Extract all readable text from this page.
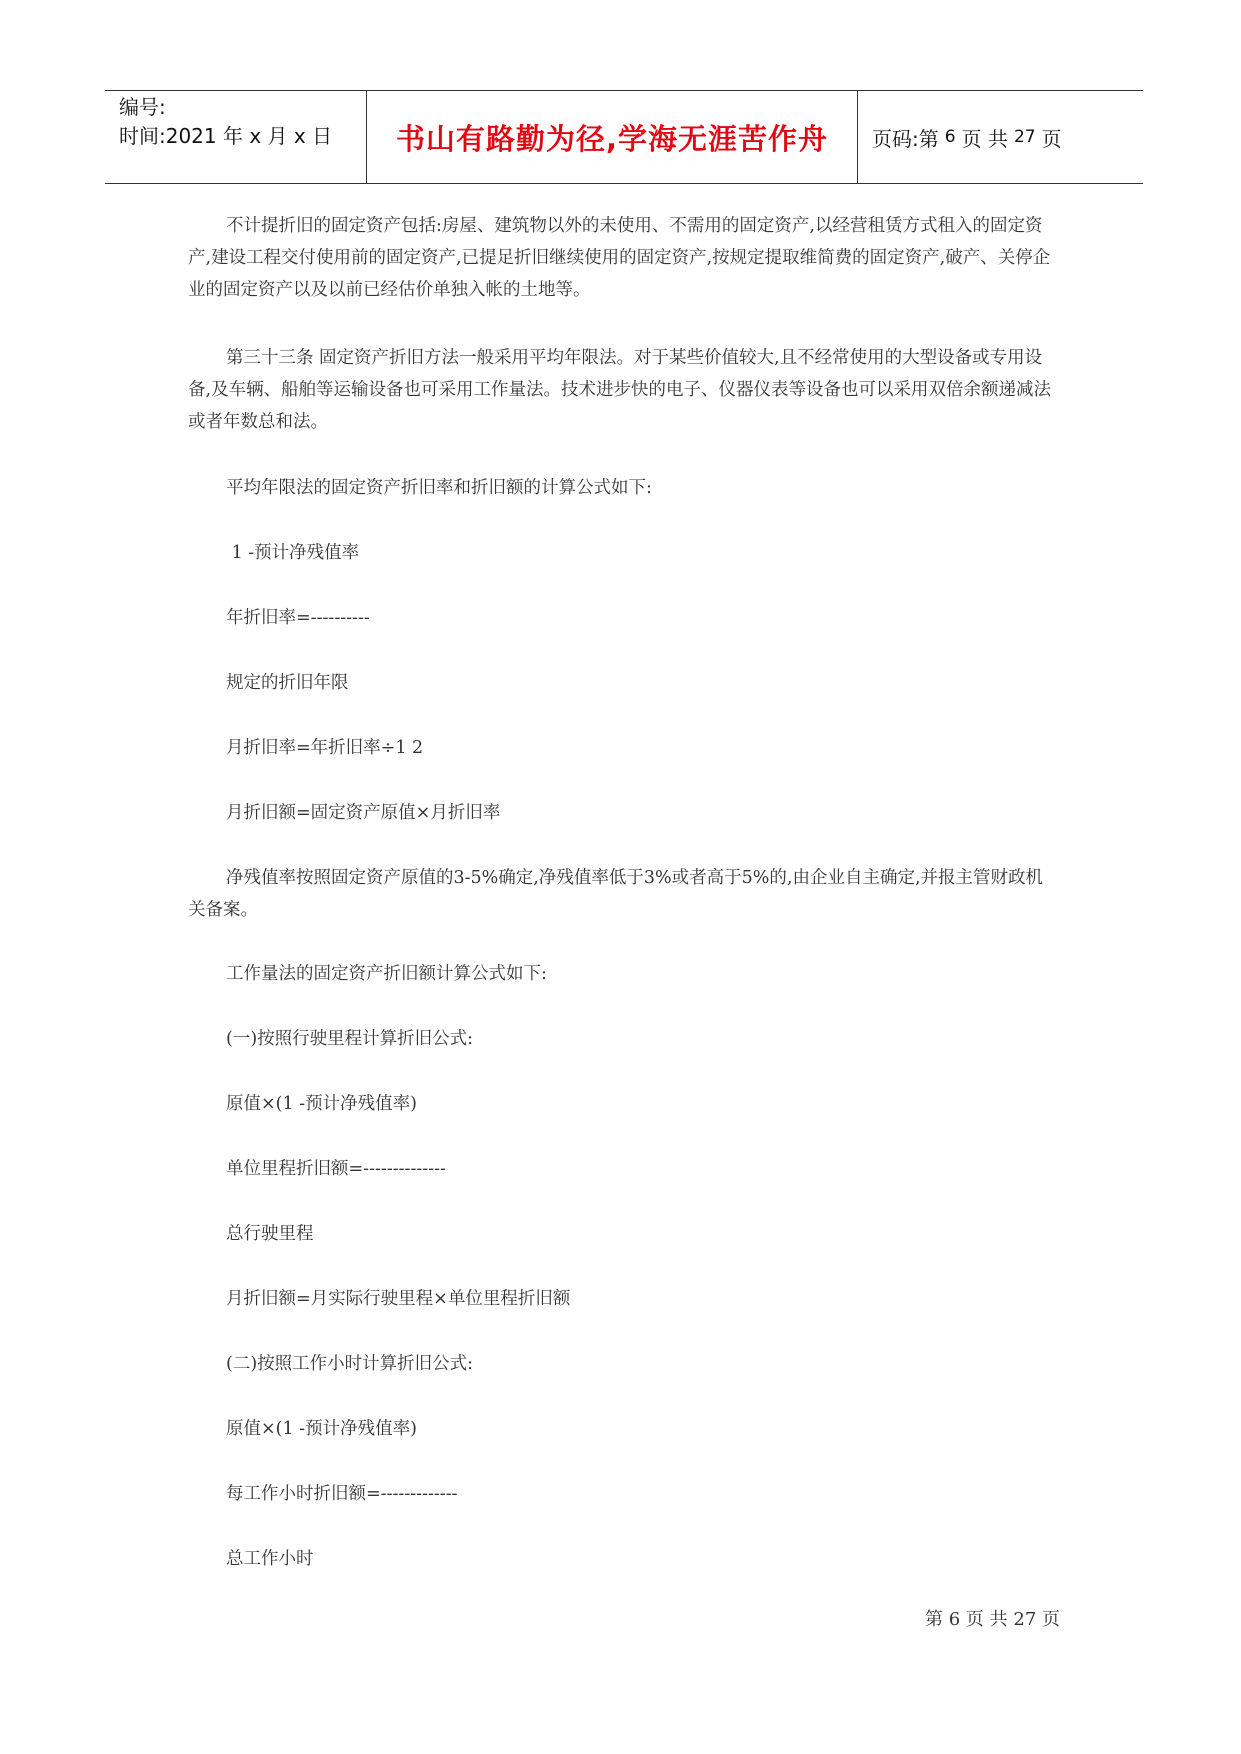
编号:
时间:2021 年 x 月 x 日	书山有路勤为径,学海无涯苦作舟	页码:第 6 页 共 27 页

不计提折旧的固定资产包括:房屋、建筑物以外的未使用、不需用的固定资产,以经营租赁方式租入的固定资产,建设工程交付使用前的固定资产,已提足折旧继续使用的固定资产,按规定提取维简费的固定资产,破产、关停企业的固定资产以及以前已经估价单独入帐的土地等。

第三十三条 固定资产折旧方法一般采用平均年限法。对于某些价值较大,且不经常使用的大型设备或专用设备,及车辆、船舶等运输设备也可采用工作量法。技术进步快的电子、仪器仪表等设备也可以采用双倍余额递减法或者年数总和法。

平均年限法的固定资产折旧率和折旧额的计算公式如下:

1 -预计净残值率

年折旧率=----------

规定的折旧年限

月折旧率=年折旧率÷1 2

月折旧额=固定资产原值×月折旧率

净残值率按照固定资产原值的3-5%确定,净残值率低于3%或者高于5%的,由企业自主确定,并报主管财政机关备案。

工作量法的固定资产折旧额计算公式如下:

(一)按照行驶里程计算折旧公式:

原值×(1 -预计净残值率)

单位里程折旧额=--------------

总行驶里程

月折旧额=月实际行驶里程×单位里程折旧额

(二)按照工作小时计算折旧公式:

原值×(1 -预计净残值率)

每工作小时折旧额=-------------

总工作小时

第 6 页 共 27 页
